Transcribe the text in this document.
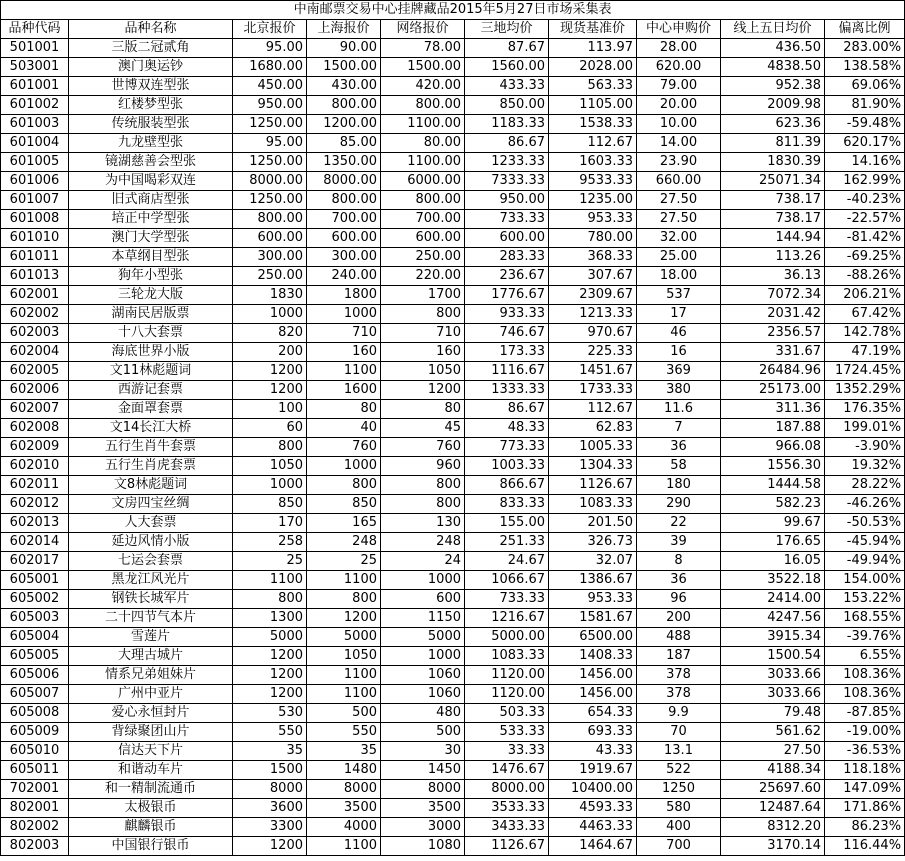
中南邮票交易中心挂牌藏品2015年5月27日市场采集表									
品种代码	品种名称	北京报价	上海报价	网络报价	三地均价	现货基准价	中心申购价	线上五日均价	偏离比例
501001	三版二冠贰角	95.00	90.00	78.00	87.67	113.97	28.00	436.50	283.00%
503001	澳门奥运钞	1680.00	1500.00	1500.00	1560.00	2028.00	620.00	4838.50	138.58%
601001	世博双连型张	450.00	430.00	420.00	433.33	563.33	79.00	952.38	69.06%
601002	红楼梦型张	950.00	800.00	800.00	850.00	1105.00	20.00	2009.98	81.90%
601003	传统服装型张	1250.00	1200.00	1100.00	1183.33	1538.33	10.00	623.36	-59.48%
601004	九龙壁型张	95.00	85.00	80.00	86.67	112.67	14.00	811.39	620.17%
601005	镜湖慈善会型张	1250.00	1350.00	1100.00	1233.33	1603.33	23.90	1830.39	14.16%
601006	为中国喝彩双连	8000.00	8000.00	6000.00	7333.33	9533.33	660.00	25071.34	162.99%
601007	旧式商店型张	1250.00	800.00	800.00	950.00	1235.00	27.50	738.17	-40.23%
601008	培正中学型张	800.00	700.00	700.00	733.33	953.33	27.50	738.17	-22.57%
601010	澳门大学型张	600.00	600.00	600.00	600.00	780.00	32.00	144.94	-81.42%
601011	本草纲目型张	300.00	300.00	250.00	283.33	368.33	25.00	113.26	-69.25%
601013	狗年小型张	250.00	240.00	220.00	236.67	307.67	18.00	36.13	-88.26%
602001	三轮龙大版	1830	1800	1700	1776.67	2309.67	537	7072.34	206.21%
602002	湖南民居版票	1000	1000	800	933.33	1213.33	17	2031.42	67.42%
602003	十八大套票	820	710	710	746.67	970.67	46	2356.57	142.78%
602004	海底世界小版	200	160	160	173.33	225.33	16	331.67	47.19%
602005	文11林彪题词	1200	1100	1050	1116.67	1451.67	369	26484.96	1724.45%
602006	西游记套票	1200	1600	1200	1333.33	1733.33	380	25173.00	1352.29%
602007	金面罩套票	100	80	80	86.67	112.67	11.6	311.36	176.35%
602008	文14长江大桥	60	40	45	48.33	62.83	7	187.88	199.01%
602009	五行生肖牛套票	800	760	760	773.33	1005.33	36	966.08	-3.90%
602010	五行生肖虎套票	1050	1000	960	1003.33	1304.33	58	1556.30	19.32%
602011	文8林彪题词	1000	800	800	866.67	1126.67	180	1444.58	28.22%
602012	文房四宝丝绸	850	850	800	833.33	1083.33	290	582.23	-46.26%
602013	人大套票	170	165	130	155.00	201.50	22	99.67	-50.53%
602014	延边风情小版	258	248	248	251.33	326.73	39	176.65	-45.94%
602017	七运会套票	25	25	24	24.67	32.07	8	16.05	-49.94%
605001	黑龙江风光片	1100	1100	1000	1066.67	1386.67	36	3522.18	154.00%
605002	钢铁长城军片	800	800	600	733.33	953.33	96	2414.00	153.22%
605003	二十四节气本片	1300	1200	1150	1216.67	1581.67	200	4247.56	168.55%
605004	雪莲片	5000	5000	5000	5000.00	6500.00	488	3915.34	-39.76%
605005	大理古城片	1200	1050	1000	1083.33	1408.33	187	1500.54	6.55%
605006	情系兄弟姐妹片	1200	1100	1060	1120.00	1456.00	378	3033.66	108.36%
605007	广州中亚片	1200	1100	1060	1120.00	1456.00	378	3033.66	108.36%
605008	爱心永恒封片	530	500	480	503.33	654.33	9.9	79.48	-87.85%
605009	背绿聚团山片	550	550	500	533.33	693.33	70	561.62	-19.00%
605010	信达天下片	35	35	30	33.33	43.33	13.1	27.50	-36.53%
605011	和谐动车片	1500	1480	1450	1476.67	1919.67	522	4188.34	118.18%
702001	和一精制流通币	8000	8000	8000	8000.00	10400.00	1250	25697.60	147.09%
802001	太极银币	3600	3500	3500	3533.33	4593.33	580	12487.64	171.86%
802002	麒麟银币	3300	4000	3000	3433.33	4463.33	400	8312.20	86.23%
802003	中国银行银币	1200	1100	1080	1126.67	1464.67	700	3170.14	116.44%
